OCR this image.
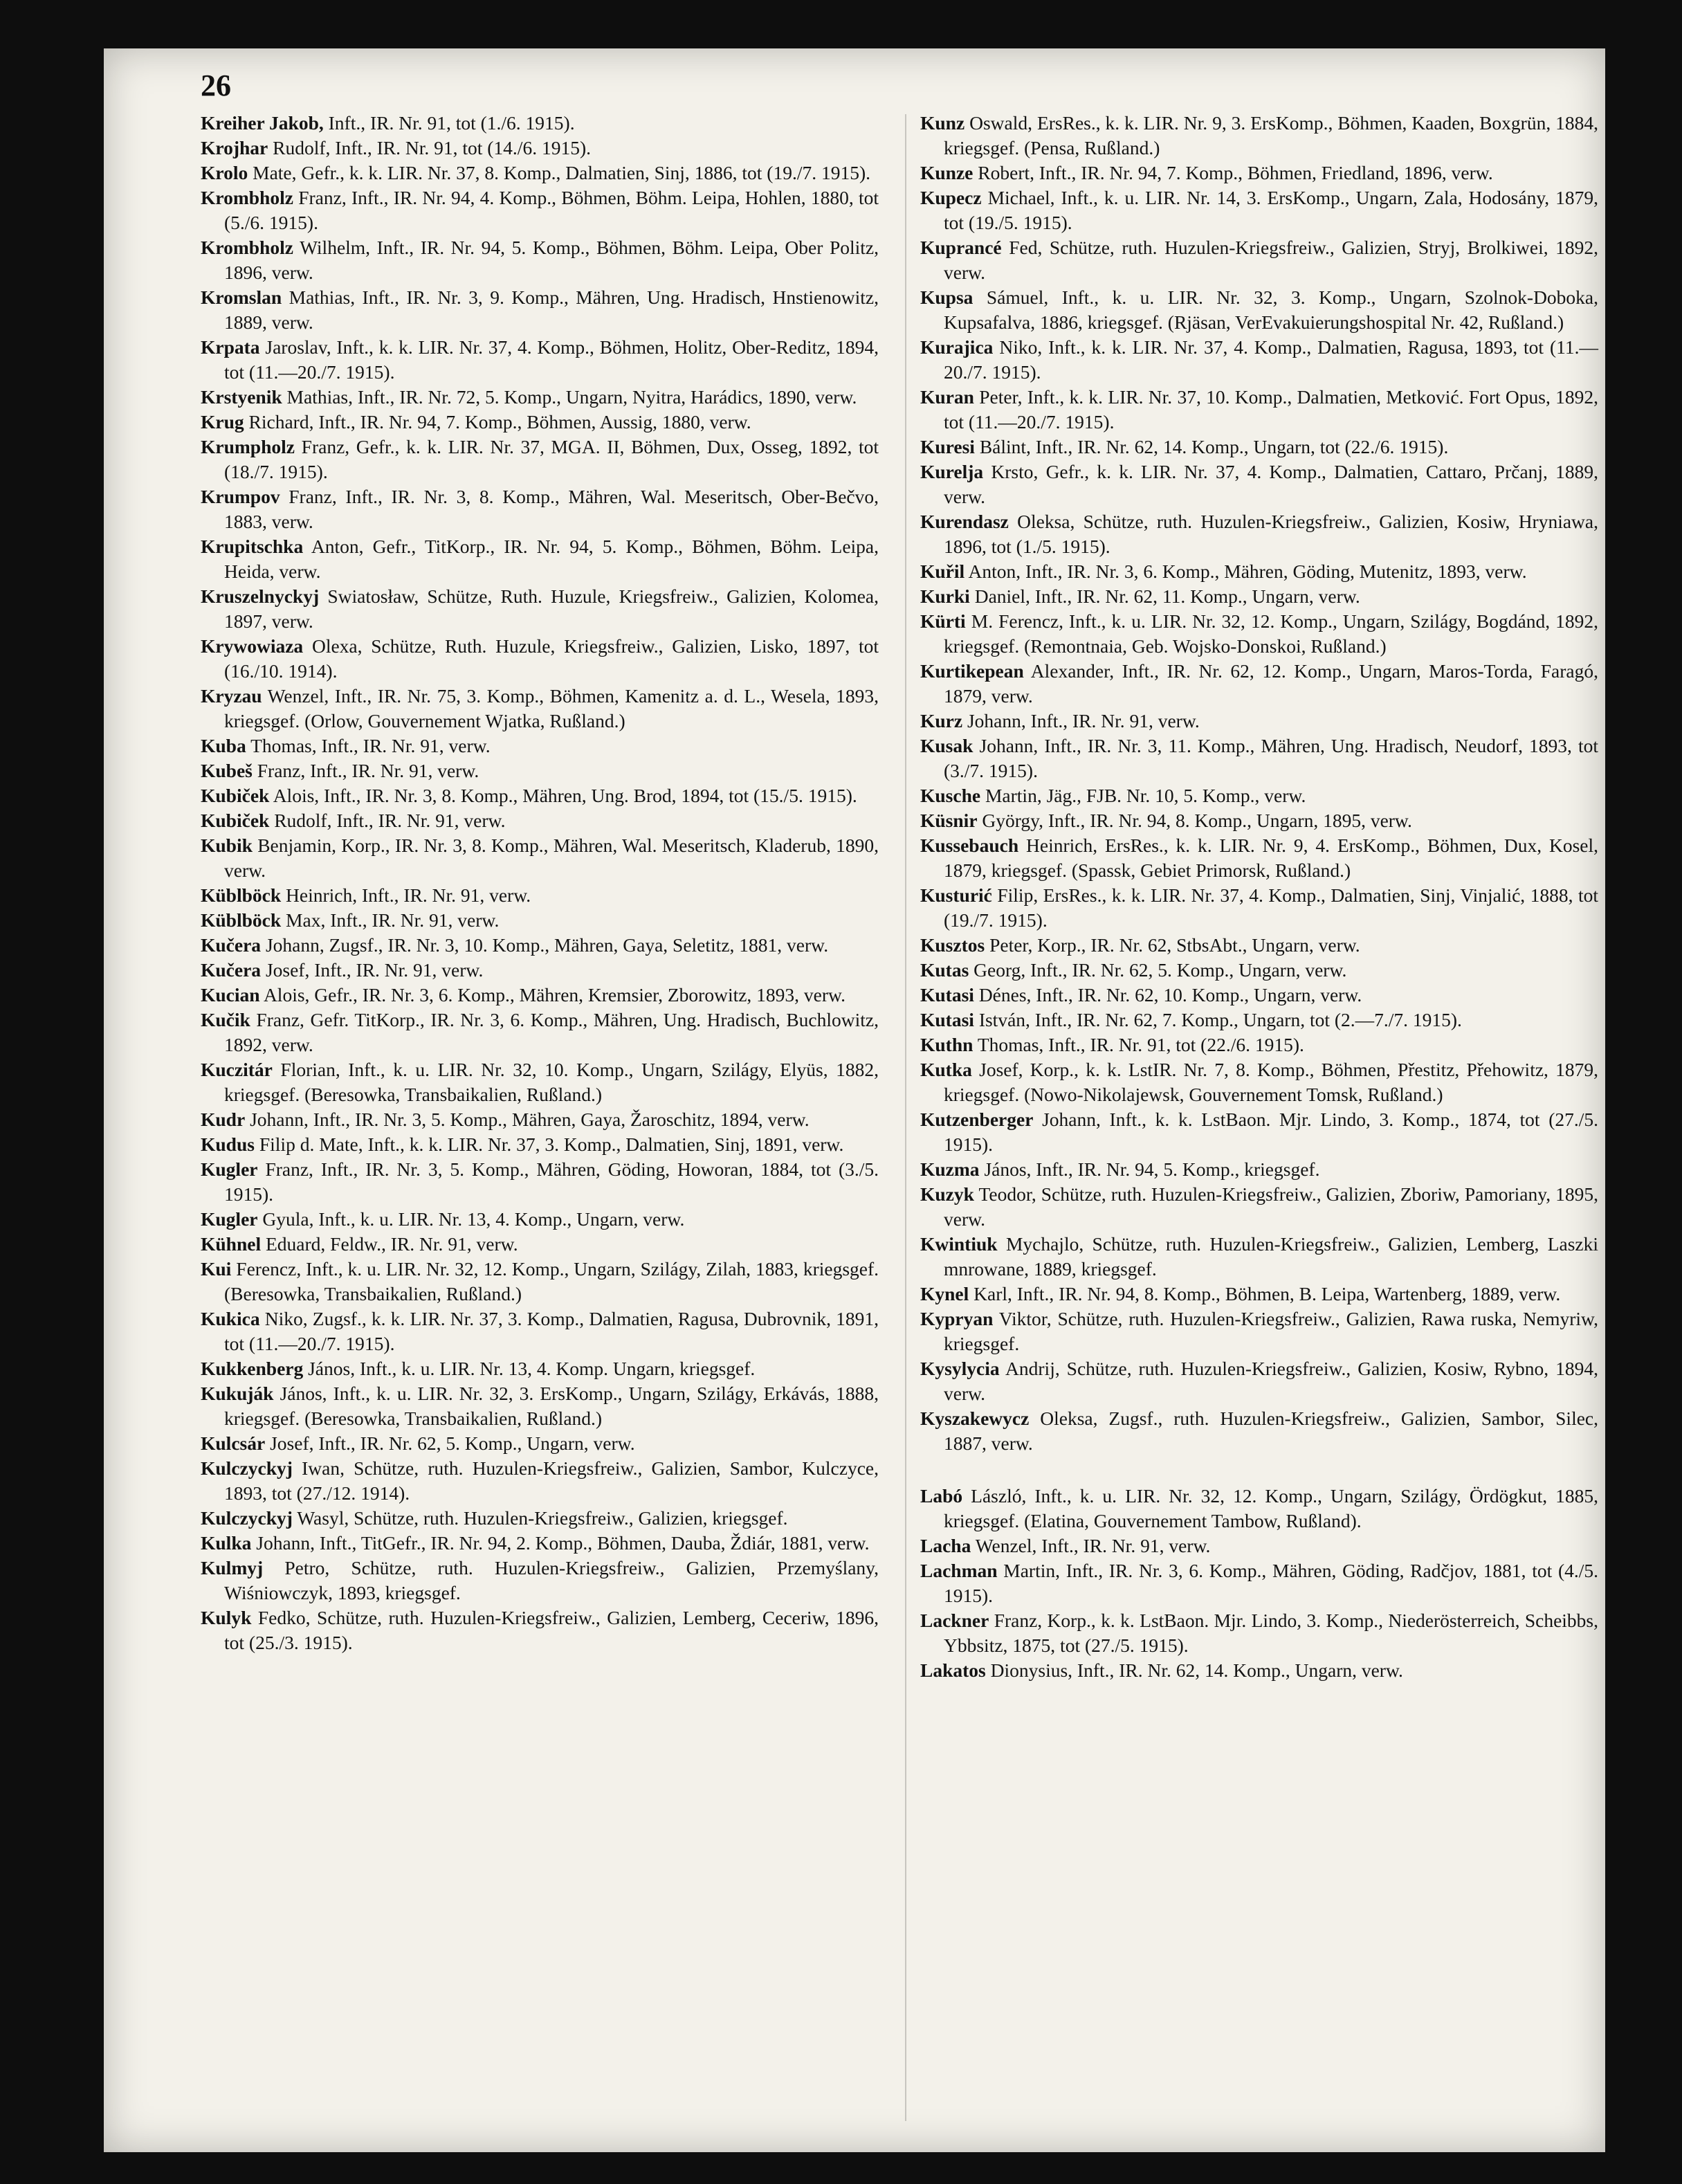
26

Kreiher Jakob, Inft., IR. Nr. 91, tot (1./6. 1915).

Krojhar Rudolf, Inft., IR. Nr. 91, tot (14./6. 1915).

Krolo Mate, Gefr., k. k. LIR. Nr. 37, 8. Komp., Dalmatien, Sinj, 1886, tot (19./7. 1915).

Krombholz Franz, Inft., IR. Nr. 94, 4. Komp., Böhmen, Böhm. Leipa, Hohlen, 1880, tot (5./6. 1915).

Krombholz Wilhelm, Inft., IR. Nr. 94, 5. Komp., Böhmen, Böhm. Leipa, Ober Politz, 1896, verw.

Kromslan Mathias, Inft., IR. Nr. 3, 9. Komp., Mähren, Ung. Hradisch, Hnstienowitz, 1889, verw.

Krpata Jaroslav, Inft., k. k. LIR. Nr. 37, 4. Komp., Böhmen, Holitz, Ober-Reditz, 1894, tot (11.—20./7. 1915).

Krstyenik Mathias, Inft., IR. Nr. 72, 5. Komp., Ungarn, Nyitra, Harádics, 1890, verw.

Krug Richard, Inft., IR. Nr. 94, 7. Komp., Böhmen, Aussig, 1880, verw.

Krumpholz Franz, Gefr., k. k. LIR. Nr. 37, MGA. II, Böhmen, Dux, Osseg, 1892, tot (18./7. 1915).

Krumpov Franz, Inft., IR. Nr. 3, 8. Komp., Mähren, Wal. Meseritsch, Ober-Bečvo, 1883, verw.

Krupitschka Anton, Gefr., TitKorp., IR. Nr. 94, 5. Komp., Böhmen, Böhm. Leipa, Heida, verw.

Kruszelnyckyj Swiatosław, Schütze, Ruth. Huzule, Kriegsfreiw., Galizien, Kolomea, 1897, verw.

Krywowiaza Olexa, Schütze, Ruth. Huzule, Kriegsfreiw., Galizien, Lisko, 1897, tot (16./10. 1914).

Kryzau Wenzel, Inft., IR. Nr. 75, 3. Komp., Böhmen, Kamenitz a. d. L., Wesela, 1893, kriegsgef. (Orlow, Gouvernement Wjatka, Rußland.)

Kuba Thomas, Inft., IR. Nr. 91, verw.

Kubeš Franz, Inft., IR. Nr. 91, verw.

Kubiček Alois, Inft., IR. Nr. 3, 8. Komp., Mähren, Ung. Brod, 1894, tot (15./5. 1915).

Kubiček Rudolf, Inft., IR. Nr. 91, verw.

Kubik Benjamin, Korp., IR. Nr. 3, 8. Komp., Mähren, Wal. Meseritsch, Kladerub, 1890, verw.

Küblböck Heinrich, Inft., IR. Nr. 91, verw.

Küblböck Max, Inft., IR. Nr. 91, verw.

Kučera Johann, Zugsf., IR. Nr. 3, 10. Komp., Mähren, Gaya, Seletitz, 1881, verw.

Kučera Josef, Inft., IR. Nr. 91, verw.

Kucian Alois, Gefr., IR. Nr. 3, 6. Komp., Mähren, Kremsier, Zborowitz, 1893, verw.

Kučik Franz, Gefr. TitKorp., IR. Nr. 3, 6. Komp., Mähren, Ung. Hradisch, Buchlowitz, 1892, verw.

Kuczitár Florian, Inft., k. u. LIR. Nr. 32, 10. Komp., Ungarn, Szilágy, Elyüs, 1882, kriegsgef. (Beresowka, Transbaikalien, Rußland.)

Kudr Johann, Inft., IR. Nr. 3, 5. Komp., Mähren, Gaya, Žaroschitz, 1894, verw.

Kudus Filip d. Mate, Inft., k. k. LIR. Nr. 37, 3. Komp., Dalmatien, Sinj, 1891, verw.

Kugler Franz, Inft., IR. Nr. 3, 5. Komp., Mähren, Göding, Howoran, 1884, tot (3./5. 1915).

Kugler Gyula, Inft., k. u. LIR. Nr. 13, 4. Komp., Ungarn, verw.

Kühnel Eduard, Feldw., IR. Nr. 91, verw.

Kui Ferencz, Inft., k. u. LIR. Nr. 32, 12. Komp., Ungarn, Szilágy, Zilah, 1883, kriegsgef. (Beresowka, Transbaikalien, Rußland.)

Kukica Niko, Zugsf., k. k. LIR. Nr. 37, 3. Komp., Dalmatien, Ragusa, Dubrovnik, 1891, tot (11.—20./7. 1915).

Kukkenberg János, Inft., k. u. LIR. Nr. 13, 4. Komp. Ungarn, kriegsgef.

Kukuják János, Inft., k. u. LIR. Nr. 32, 3. ErsKomp., Ungarn, Szilágy, Erkávás, 1888, kriegsgef. (Beresowka, Transbaikalien, Rußland.)

Kulcsár Josef, Inft., IR. Nr. 62, 5. Komp., Ungarn, verw.

Kulczyckyj Iwan, Schütze, ruth. Huzulen-Kriegsfreiw., Galizien, Sambor, Kulczyce, 1893, tot (27./12. 1914).

Kulczyckyj Wasyl, Schütze, ruth. Huzulen-Kriegsfreiw., Galizien, kriegsgef.

Kulka Johann, Inft., TitGefr., IR. Nr. 94, 2. Komp., Böhmen, Dauba, Ždiár, 1881, verw.

Kulmyj Petro, Schütze, ruth. Huzulen-Kriegsfreiw., Galizien, Przemyślany, Wiśniowczyk, 1893, kriegsgef.

Kulyk Fedko, Schütze, ruth. Huzulen-Kriegsfreiw., Galizien, Lemberg, Ceceriw, 1896, tot (25./3. 1915).

Kunz Oswald, ErsRes., k. k. LIR. Nr. 9, 3. ErsKomp., Böhmen, Kaaden, Boxgrün, 1884, kriegsgef. (Pensa, Rußland.)

Kunze Robert, Inft., IR. Nr. 94, 7. Komp., Böhmen, Friedland, 1896, verw.

Kupecz Michael, Inft., k. u. LIR. Nr. 14, 3. ErsKomp., Ungarn, Zala, Hodosány, 1879, tot (19./5. 1915).

Kuprancé Fed, Schütze, ruth. Huzulen-Kriegsfreiw., Galizien, Stryj, Brolkiwei, 1892, verw.

Kupsa Sámuel, Inft., k. u. LIR. Nr. 32, 3. Komp., Ungarn, Szolnok-Doboka, Kupsafalva, 1886, kriegsgef. (Rjäsan, VerEvakuierungshospital Nr. 42, Rußland.)

Kurajica Niko, Inft., k. k. LIR. Nr. 37, 4. Komp., Dalmatien, Ragusa, 1893, tot (11.—20./7. 1915).

Kuran Peter, Inft., k. k. LIR. Nr. 37, 10. Komp., Dalmatien, Metković. Fort Opus, 1892, tot (11.—20./7. 1915).

Kuresi Bálint, Inft., IR. Nr. 62, 14. Komp., Ungarn, tot (22./6. 1915).

Kurelja Krsto, Gefr., k. k. LIR. Nr. 37, 4. Komp., Dalmatien, Cattaro, Prčanj, 1889, verw.

Kurendasz Oleksa, Schütze, ruth. Huzulen-Kriegsfreiw., Galizien, Kosiw, Hryniawa, 1896, tot (1./5. 1915).

Kuřil Anton, Inft., IR. Nr. 3, 6. Komp., Mähren, Göding, Mutenitz, 1893, verw.

Kurki Daniel, Inft., IR. Nr. 62, 11. Komp., Ungarn, verw.

Kürti M. Ferencz, Inft., k. u. LIR. Nr. 32, 12. Komp., Ungarn, Szilágy, Bogdánd, 1892, kriegsgef. (Remontnaia, Geb. Wojsko-Donskoi, Rußland.)

Kurtikepean Alexander, Inft., IR. Nr. 62, 12. Komp., Ungarn, Maros-Torda, Faragó, 1879, verw.

Kurz Johann, Inft., IR. Nr. 91, verw.

Kusak Johann, Inft., IR. Nr. 3, 11. Komp., Mähren, Ung. Hradisch, Neudorf, 1893, tot (3./7. 1915).

Kusche Martin, Jäg., FJB. Nr. 10, 5. Komp., verw.

Küsnir György, Inft., IR. Nr. 94, 8. Komp., Ungarn, 1895, verw.

Kussebauch Heinrich, ErsRes., k. k. LIR. Nr. 9, 4. ErsKomp., Böhmen, Dux, Kosel, 1879, kriegsgef. (Spassk, Gebiet Primorsk, Rußland.)

Kusturić Filip, ErsRes., k. k. LIR. Nr. 37, 4. Komp., Dalmatien, Sinj, Vinjalić, 1888, tot (19./7. 1915).

Kusztos Peter, Korp., IR. Nr. 62, StbsAbt., Ungarn, verw.

Kutas Georg, Inft., IR. Nr. 62, 5. Komp., Ungarn, verw.

Kutasi Dénes, Inft., IR. Nr. 62, 10. Komp., Ungarn, verw.

Kutasi István, Inft., IR. Nr. 62, 7. Komp., Ungarn, tot (2.—7./7. 1915).

Kuthn Thomas, Inft., IR. Nr. 91, tot (22./6. 1915).

Kutka Josef, Korp., k. k. LstIR. Nr. 7, 8. Komp., Böhmen, Přestitz, Přehowitz, 1879, kriegsgef. (Nowo-Nikolajewsk, Gouvernement Tomsk, Rußland.)

Kutzenberger Johann, Inft., k. k. LstBaon. Mjr. Lindo, 3. Komp., 1874, tot (27./5. 1915).

Kuzma János, Inft., IR. Nr. 94, 5. Komp., kriegsgef.

Kuzyk Teodor, Schütze, ruth. Huzulen-Kriegsfreiw., Galizien, Zboriw, Pamoriany, 1895, verw.

Kwintiuk Mychajlo, Schütze, ruth. Huzulen-Kriegsfreiw., Galizien, Lemberg, Laszki mnrowane, 1889, kriegsgef.

Kynel Karl, Inft., IR. Nr. 94, 8. Komp., Böhmen, B. Leipa, Wartenberg, 1889, verw.

Kypryan Viktor, Schütze, ruth. Huzulen-Kriegsfreiw., Galizien, Rawa ruska, Nemyriw, kriegsgef.

Kysylycia Andrij, Schütze, ruth. Huzulen-Kriegsfreiw., Galizien, Kosiw, Rybno, 1894, verw.

Kyszakewycz Oleksa, Zugsf., ruth. Huzulen-Kriegsfreiw., Galizien, Sambor, Silec, 1887, verw.

Labó László, Inft., k. u. LIR. Nr. 32, 12. Komp., Ungarn, Szilágy, Ördögkut, 1885, kriegsgef. (Elatina, Gouvernement Tambow, Rußland).

Lacha Wenzel, Inft., IR. Nr. 91, verw.

Lachman Martin, Inft., IR. Nr. 3, 6. Komp., Mähren, Göding, Radčjov, 1881, tot (4./5. 1915).

Lackner Franz, Korp., k. k. LstBaon. Mjr. Lindo, 3. Komp., Niederösterreich, Scheibbs, Ybbsitz, 1875, tot (27./5. 1915).

Lakatos Dionysius, Inft., IR. Nr. 62, 14. Komp., Ungarn, verw.
